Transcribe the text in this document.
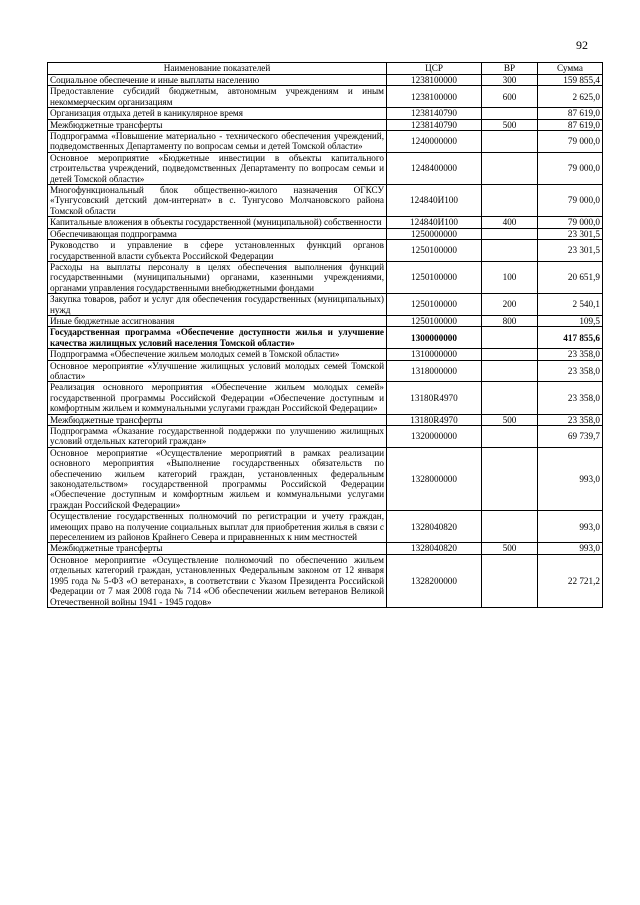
92
Наименование показателей	ЦСР	ВР	Сумма
Социальное обеспечение и иные выплаты населению	1238100000	300	159 855,4
Предоставление субсидий бюджетным, автономным учреждениям и иным некоммерческим организациям	1238100000	600	2 625,0
Организация отдыха детей в каникулярное время	1238140790		87 619,0
Межбюджетные трансферты	1238140790	500	87 619,0
Подпрограмма «Повышение материально - технического обеспечения учреждений, подведомственных Департаменту по вопросам семьи и детей Томской области»	1240000000		79 000,0
Основное мероприятие «Бюджетные инвестиции в объекты капитального строительства учреждений, подведомственных Департаменту по вопросам семьи и детей Томской области»	1248400000		79 000,0
Многофункциональный блок общественно-жилого назначения ОГКСУ «Тунгусовский детский дом-интернат» в с. Тунгусово Молчановского района Томской области	124840И100		79 000,0
Капитальные вложения в объекты государственной (муниципальной) собственности	124840И100	400	79 000,0
Обеспечивающая подпрограмма	1250000000		23 301,5
Руководство и управление в сфере установленных функций органов государственной власти субъекта Российской Федерации	1250100000		23 301,5
Расходы на выплаты персоналу в целях обеспечения выполнения функций государственными (муниципальными) органами, казенными учреждениями, органами управления государственными внебюджетными фондами	1250100000	100	20 651,9
Закупка товаров, работ и услуг для обеспечения государственных (муниципальных) нужд	1250100000	200	2 540,1
Иные бюджетные ассигнования	1250100000	800	109,5
Государственная программа «Обеспечение доступности жилья и улучшение качества жилищных условий населения Томской области»	1300000000		417 855,6
Подпрограмма «Обеспечение жильем молодых семей в Томской области»	1310000000		23 358,0
Основное мероприятие «Улучшение жилищных условий молодых семей Томской области»	1318000000		23 358,0
Реализация основного мероприятия «Обеспечение жильем молодых семей» государственной программы Российской Федерации «Обеспечение доступным и комфортным жильем и коммунальными услугами граждан Российской Федерации»	13180R4970		23 358,0
Межбюджетные трансферты	13180R4970	500	23 358,0
Подпрограмма «Оказание государственной поддержки по улучшению жилищных условий отдельных категорий граждан»	1320000000		69 739,7
Основное мероприятие «Осуществление мероприятий в рамках реализации основного мероприятия «Выполнение государственных обязательств по обеспечению жильем категорий граждан, установленных федеральным законодательством» государственной программы Российской Федерации «Обеспечение доступным и комфортным жильем и коммунальными услугами граждан Российской Федерации»	1328000000		993,0
Осуществление государственных полномочий по регистрации и учету граждан, имеющих право на получение социальных выплат для приобретения жилья в связи с переселением из районов Крайнего Севера и приравненных к ним местностей	1328040820		993,0
Межбюджетные трансферты	1328040820	500	993,0
Основное мероприятие «Осуществление полномочий по обеспечению жильем отдельных категорий граждан, установленных Федеральным законом от 12 января 1995 года № 5-ФЗ «О ветеранах», в соответствии с Указом Президента Российской Федерации от 7 мая 2008 года № 714 «Об обеспечении жильем ветеранов Великой Отечественной войны 1941 - 1945 годов»	1328200000		22 721,2
